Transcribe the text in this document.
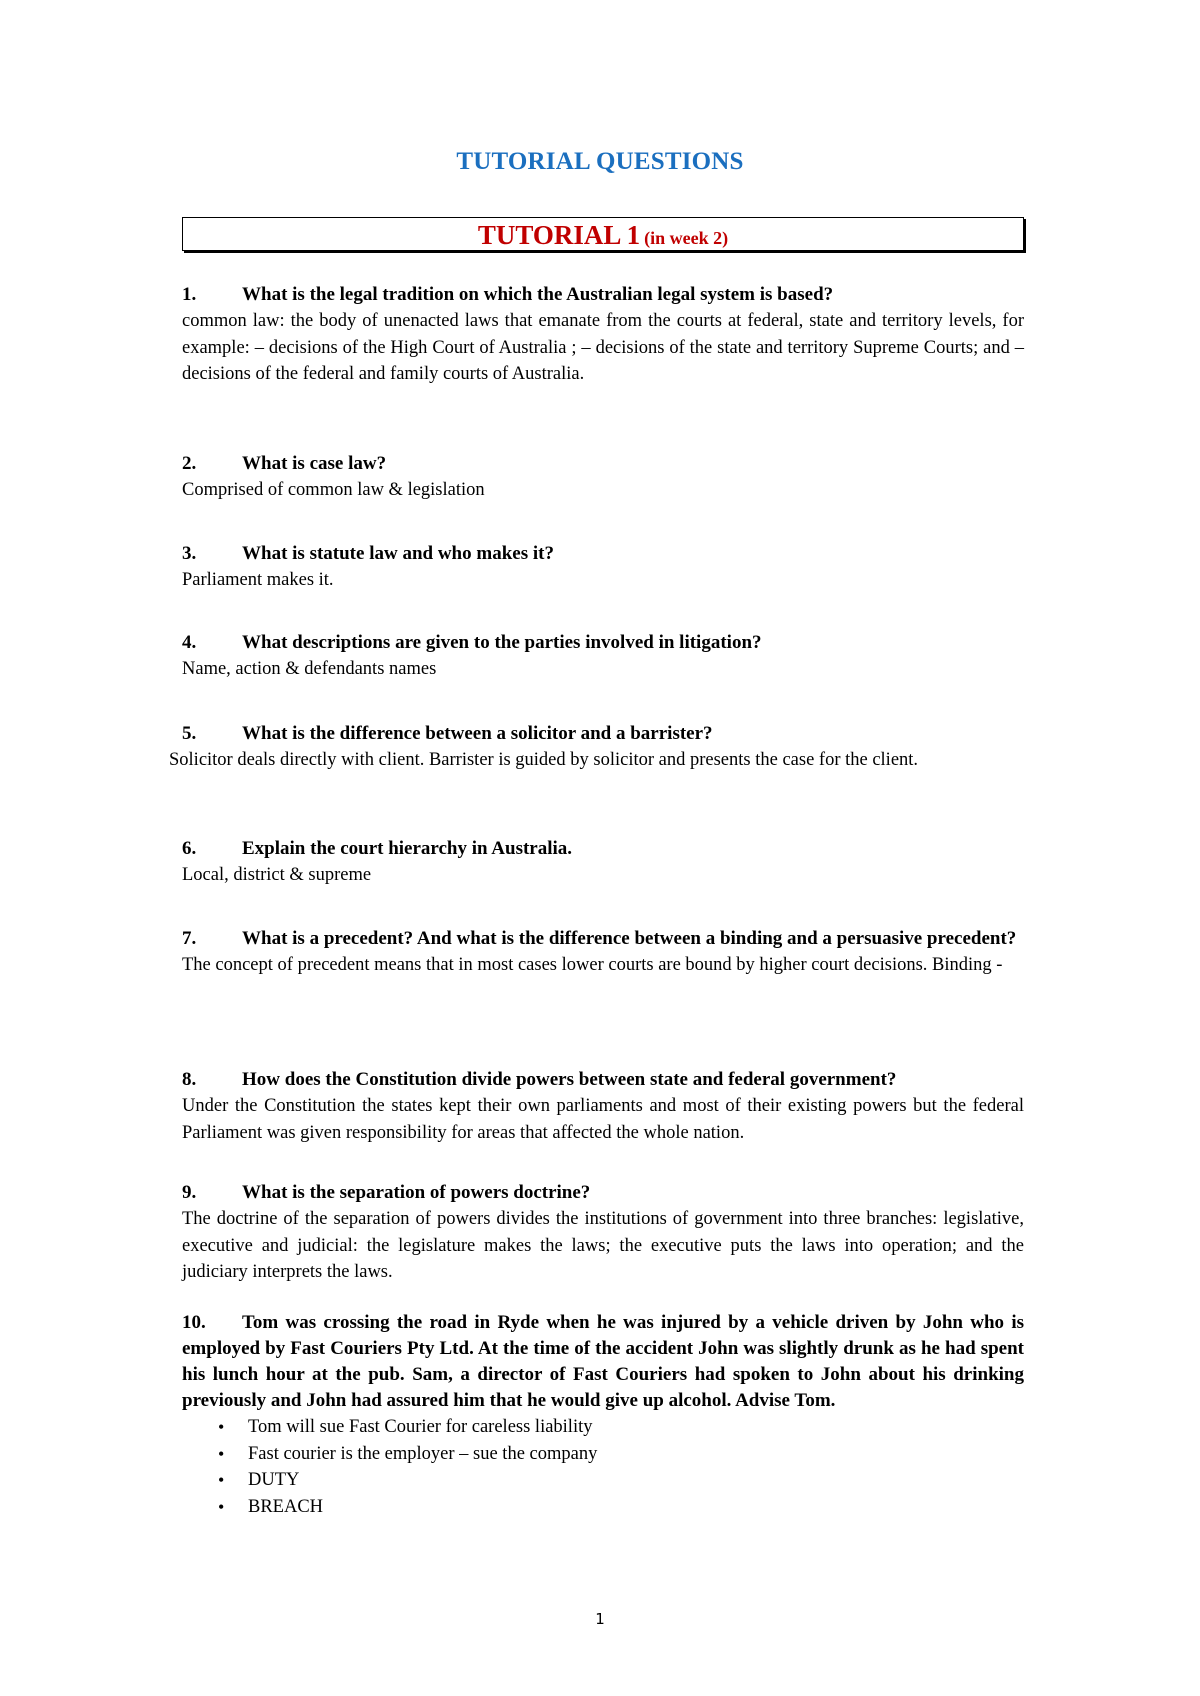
TUTORIAL QUESTIONS
TUTORIAL 1 (in week 2)
1. What is the legal tradition on which the Australian legal system is based?
common law: the body of unenacted laws that emanate from the courts at federal, state and territory levels, for example: – decisions of the High Court of Australia ; – decisions of the state and territory Supreme Courts; and – decisions of the federal and family courts of Australia.
2. What is case law?
Comprised of common law & legislation
3. What is statute law and who makes it?
Parliament makes it.
4. What descriptions are given to the parties involved in litigation?
Name, action & defendants names
5. What is the difference between a solicitor and a barrister?
Solicitor deals directly with client. Barrister is guided by solicitor and presents the case for the client.
6. Explain the court hierarchy in Australia.
Local, district & supreme
7. What is a precedent? And what is the difference between a binding and a persuasive precedent?
The concept of precedent means that in most cases lower courts are bound by higher court decisions. Binding -
8. How does the Constitution divide powers between state and federal government?
Under the Constitution the states kept their own parliaments and most of their existing powers but the federal Parliament was given responsibility for areas that affected the whole nation.
9. What is the separation of powers doctrine?
The doctrine of the separation of powers divides the institutions of government into three branches: legislative, executive and judicial: the legislature makes the laws; the executive puts the laws into operation; and the judiciary interprets the laws.
10. Tom was crossing the road in Ryde when he was injured by a vehicle driven by John who is employed by Fast Couriers Pty Ltd. At the time of the accident John was slightly drunk as he had spent his lunch hour at the pub. Sam, a director of Fast Couriers had spoken to John about his drinking previously and John had assured him that he would give up alcohol. Advise Tom.
• Tom will sue Fast Courier for careless liability
• Fast courier is the employer – sue the company
• DUTY
• BREACH
1
